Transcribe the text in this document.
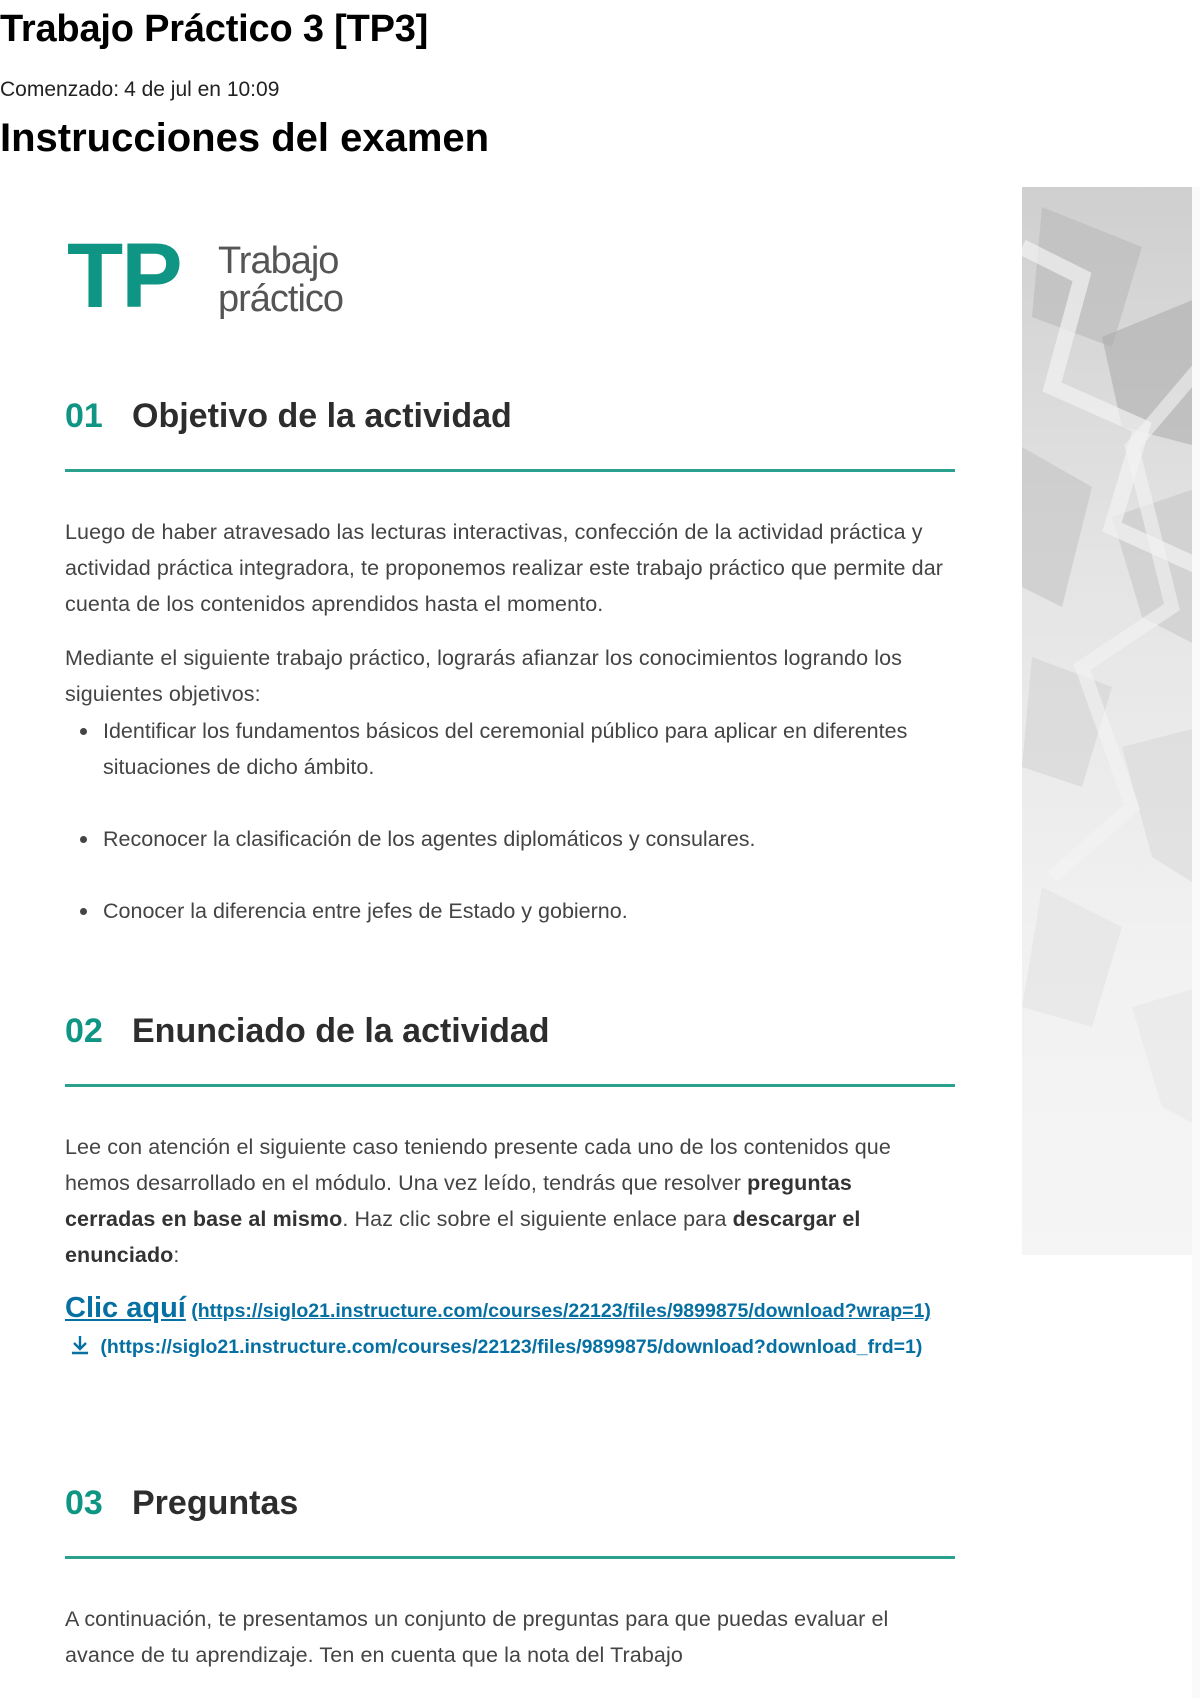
Trabajo Práctico 3 [TP3]
Comenzado: 4 de jul en 10:09
Instrucciones del examen
TP Trabajo
práctico
01 Objetivo de la actividad

Luego de haber atravesado las lecturas interactivas, confección de la actividad práctica y actividad práctica integradora, te proponemos realizar este trabajo práctico que permite dar cuenta de los contenidos aprendidos hasta el momento.

Mediante el siguiente trabajo práctico, lograrás afianzar los conocimientos logrando los siguientes objetivos:

Identificar los fundamentos básicos del ceremonial público para aplicar en diferentes situaciones de dicho ámbito.
Reconocer la clasificación de los agentes diplomáticos y consulares.
Conocer la diferencia entre jefes de Estado y gobierno.
02 Enunciado de la actividad

Lee con atención el siguiente caso teniendo presente cada uno de los contenidos que hemos desarrollado en el módulo. Una vez leído, tendrás que resolver preguntas cerradas en base al mismo. Haz clic sobre el siguiente enlace para descargar el enunciado:

Clic aquí (https://siglo21.instructure.com/courses/22123/files/9899875/download?wrap=1)  (https://siglo21.instructure.com/courses/22123/files/9899875/download?download_frd=1)
03 Preguntas

A continuación, te presentamos un conjunto de preguntas para que puedas evaluar el avance de tu aprendizaje. Ten en cuenta que la nota del Trabajo
